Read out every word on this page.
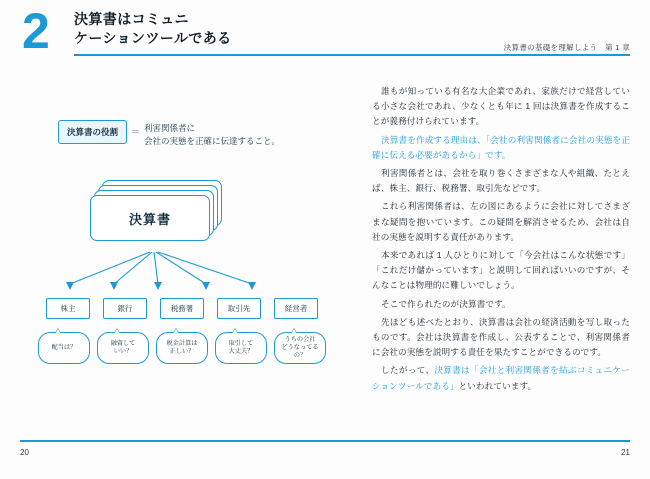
2 決算書はコミュニ
ケーションツールである
決算書の基礎を理解しよう　第 1 章
決算書の役割	＝ 利害関係者に
会社の実態を正確に伝達すること。
決算書
株主	銀行	税務署	取引先	経営者
配当は？
融資して
いい？
税金計算は
正しい？
取引して
大丈夫？
うちの会社
どうなってるの？
誰もが知っている有名な大企業であれ、家族だけで経営している小さな会社であれ、少なくとも年に 1 回は決算書を作成することが義務付けられています。
決算書を作成する理由は、「会社の利害関係者に会社の実態を正確に伝える必要があるから」です。
利害関係者とは、会社を取り巻くさまざまな人や組織、たとえば、株主、銀行、税務署、取引先などです。
これら利害関係者は、左の図にあるように会社に対してさまざまな疑問を抱いています。この疑問を解消させるため、会社は自社の実態を説明する責任があります。
本来であれば 1 人ひとりに対して「今会社はこんな状態です」「これだけ儲かっています」と説明して回ればいいのですが、そんなことは物理的に難しいでしょう。
そこで作られたのが決算書です。
先ほども述べたとおり、決算書は会社の経済活動を写し取ったものです。会社は決算書を作成し、公表することで、利害関係者に会社の実態を説明する責任を果たすことができるのです。
したがって、決算書は「会社と利害関係者を結ぶコミュニケーションツールである」といわれています。
20	21
